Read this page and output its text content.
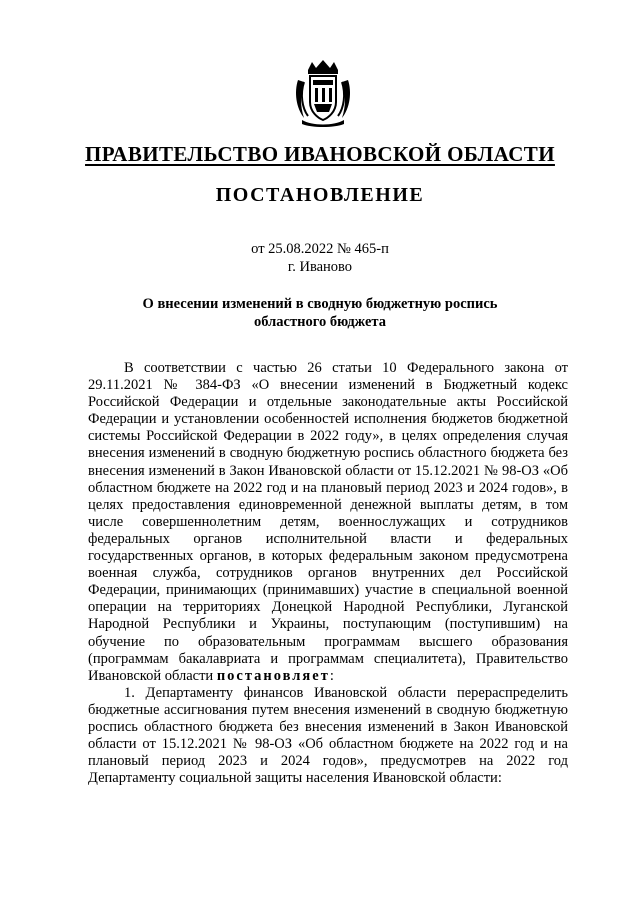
ПРАВИТЕЛЬСТВО ИВАНОВСКОЙ ОБЛАСТИ
ПОСТАНОВЛЕНИЕ
от 25.08.2022 № 465-п
г. Иваново
О внесении изменений в сводную бюджетную роспись
областного бюджета

В соответствии с частью 26 статьи 10 Федерального закона от 29.11.2021 № 384-ФЗ «О внесении изменений в Бюджетный кодекс Российской Федерации и отдельные законодательные акты Российской Федерации и установлении особенностей исполнения бюджетов бюджетной системы Российской Федерации в 2022 году», в целях определения случая внесения изменений в сводную бюджетную роспись областного бюджета без внесения изменений в Закон Ивановской области от 15.12.2021 № 98-ОЗ «Об областном бюджете на 2022 год и на плановый период 2023 и 2024 годов», в целях предоставления единовременной денежной выплаты детям, в том числе совершеннолетним детям, военнослужащих и сотрудников федеральных органов исполнительной власти и федеральных государственных органов, в которых федеральным законом предусмотрена военная служба, сотрудников органов внутренних дел Российской Федерации, принимающих (принимавших) участие в специальной военной операции на территориях Донецкой Народной Республики, Луганской Народной Республики и Украины, поступающим (поступившим) на обучение по образовательным программам высшего образования (программам бакалавриата и программам специалитета), Правительство Ивановской области постановляет:

1. Департаменту финансов Ивановской области перераспределить бюджетные ассигнования путем внесения изменений в сводную бюджетную роспись областного бюджета без внесения изменений в Закон Ивановской области от 15.12.2021 № 98-ОЗ «Об областном бюджете на 2022 год и на плановый период 2023 и 2024 годов», предусмотрев на 2022 год Департаменту социальной защиты населения Ивановской области:
